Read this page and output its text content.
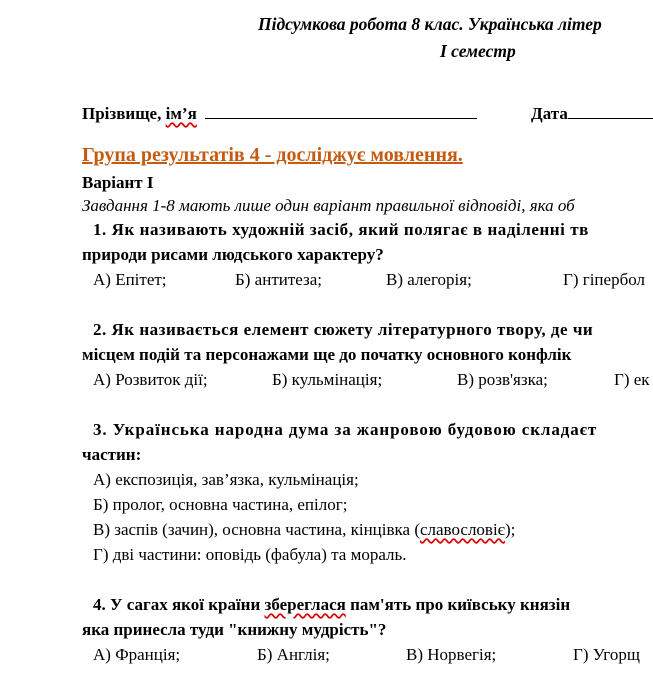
Підсумкова робота 8 клас. Українська літер
І семестр
Прізвище, ім’я	Дата
Група результатів 4 - досліджує мовлення.
Варіант І
Завдання 1-8 мають лише один варіант правильної відповіді, яка об
1. Як називають художній засіб, який полягає в наділенні тв
природи рисами людського характеру?
А) Епітет;	Б) антитеза;	В) алегорія;	Г) гіпербол
2. Як називається елемент сюжету літературного твору, де чи
місцем подій та персонажами ще до початку основного конфлік
А) Розвиток дії;	Б) кульмінація;	В) розв'язка;	Г) ек
3. Українська народна дума за жанровою будовою складаєт
частин:
А) експозиція, зав’язка, кульмінація;
Б) пролог, основна частина, епілог;
В) заспів (зачин), основна частина, кінцівка (славословіє);
Г) дві частини: оповідь (фабула) та мораль.
4. У сагах якої країни збереглася пам'ять про київську князін
яка принесла туди "книжну мудрість"?
А) Франція;	Б) Англія;	В) Норвегія;	Г) Угорщ
